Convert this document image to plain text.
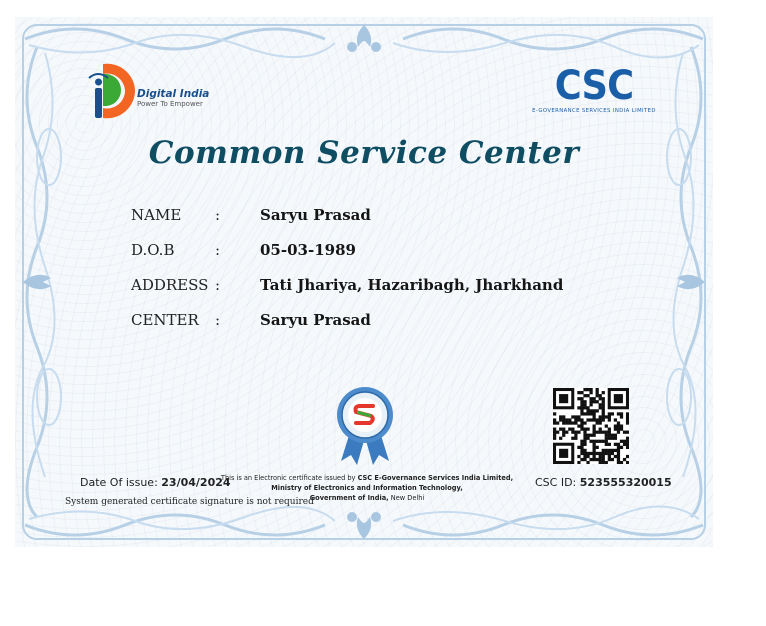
Digital India
Power To Empower	CSC
E-GOVERNANCE SERVICES INDIA LIMITED
Common Service Center
NAME :	Saryu Prasad
D.O.B	:	05-03-1989
ADDRESS :	Tati Jhariya, Hazaribagh, Jharkhand
CENTER :	Saryu Prasad
Date Of issue: 23/04/2024
System generated certificate signature is not required
This is an Electronic certificate issued by CSC E-Governance Services India Limited,
Ministry of Electronics and Information Technology,
Government of India, New Delhi
CSC ID: 523555320015
